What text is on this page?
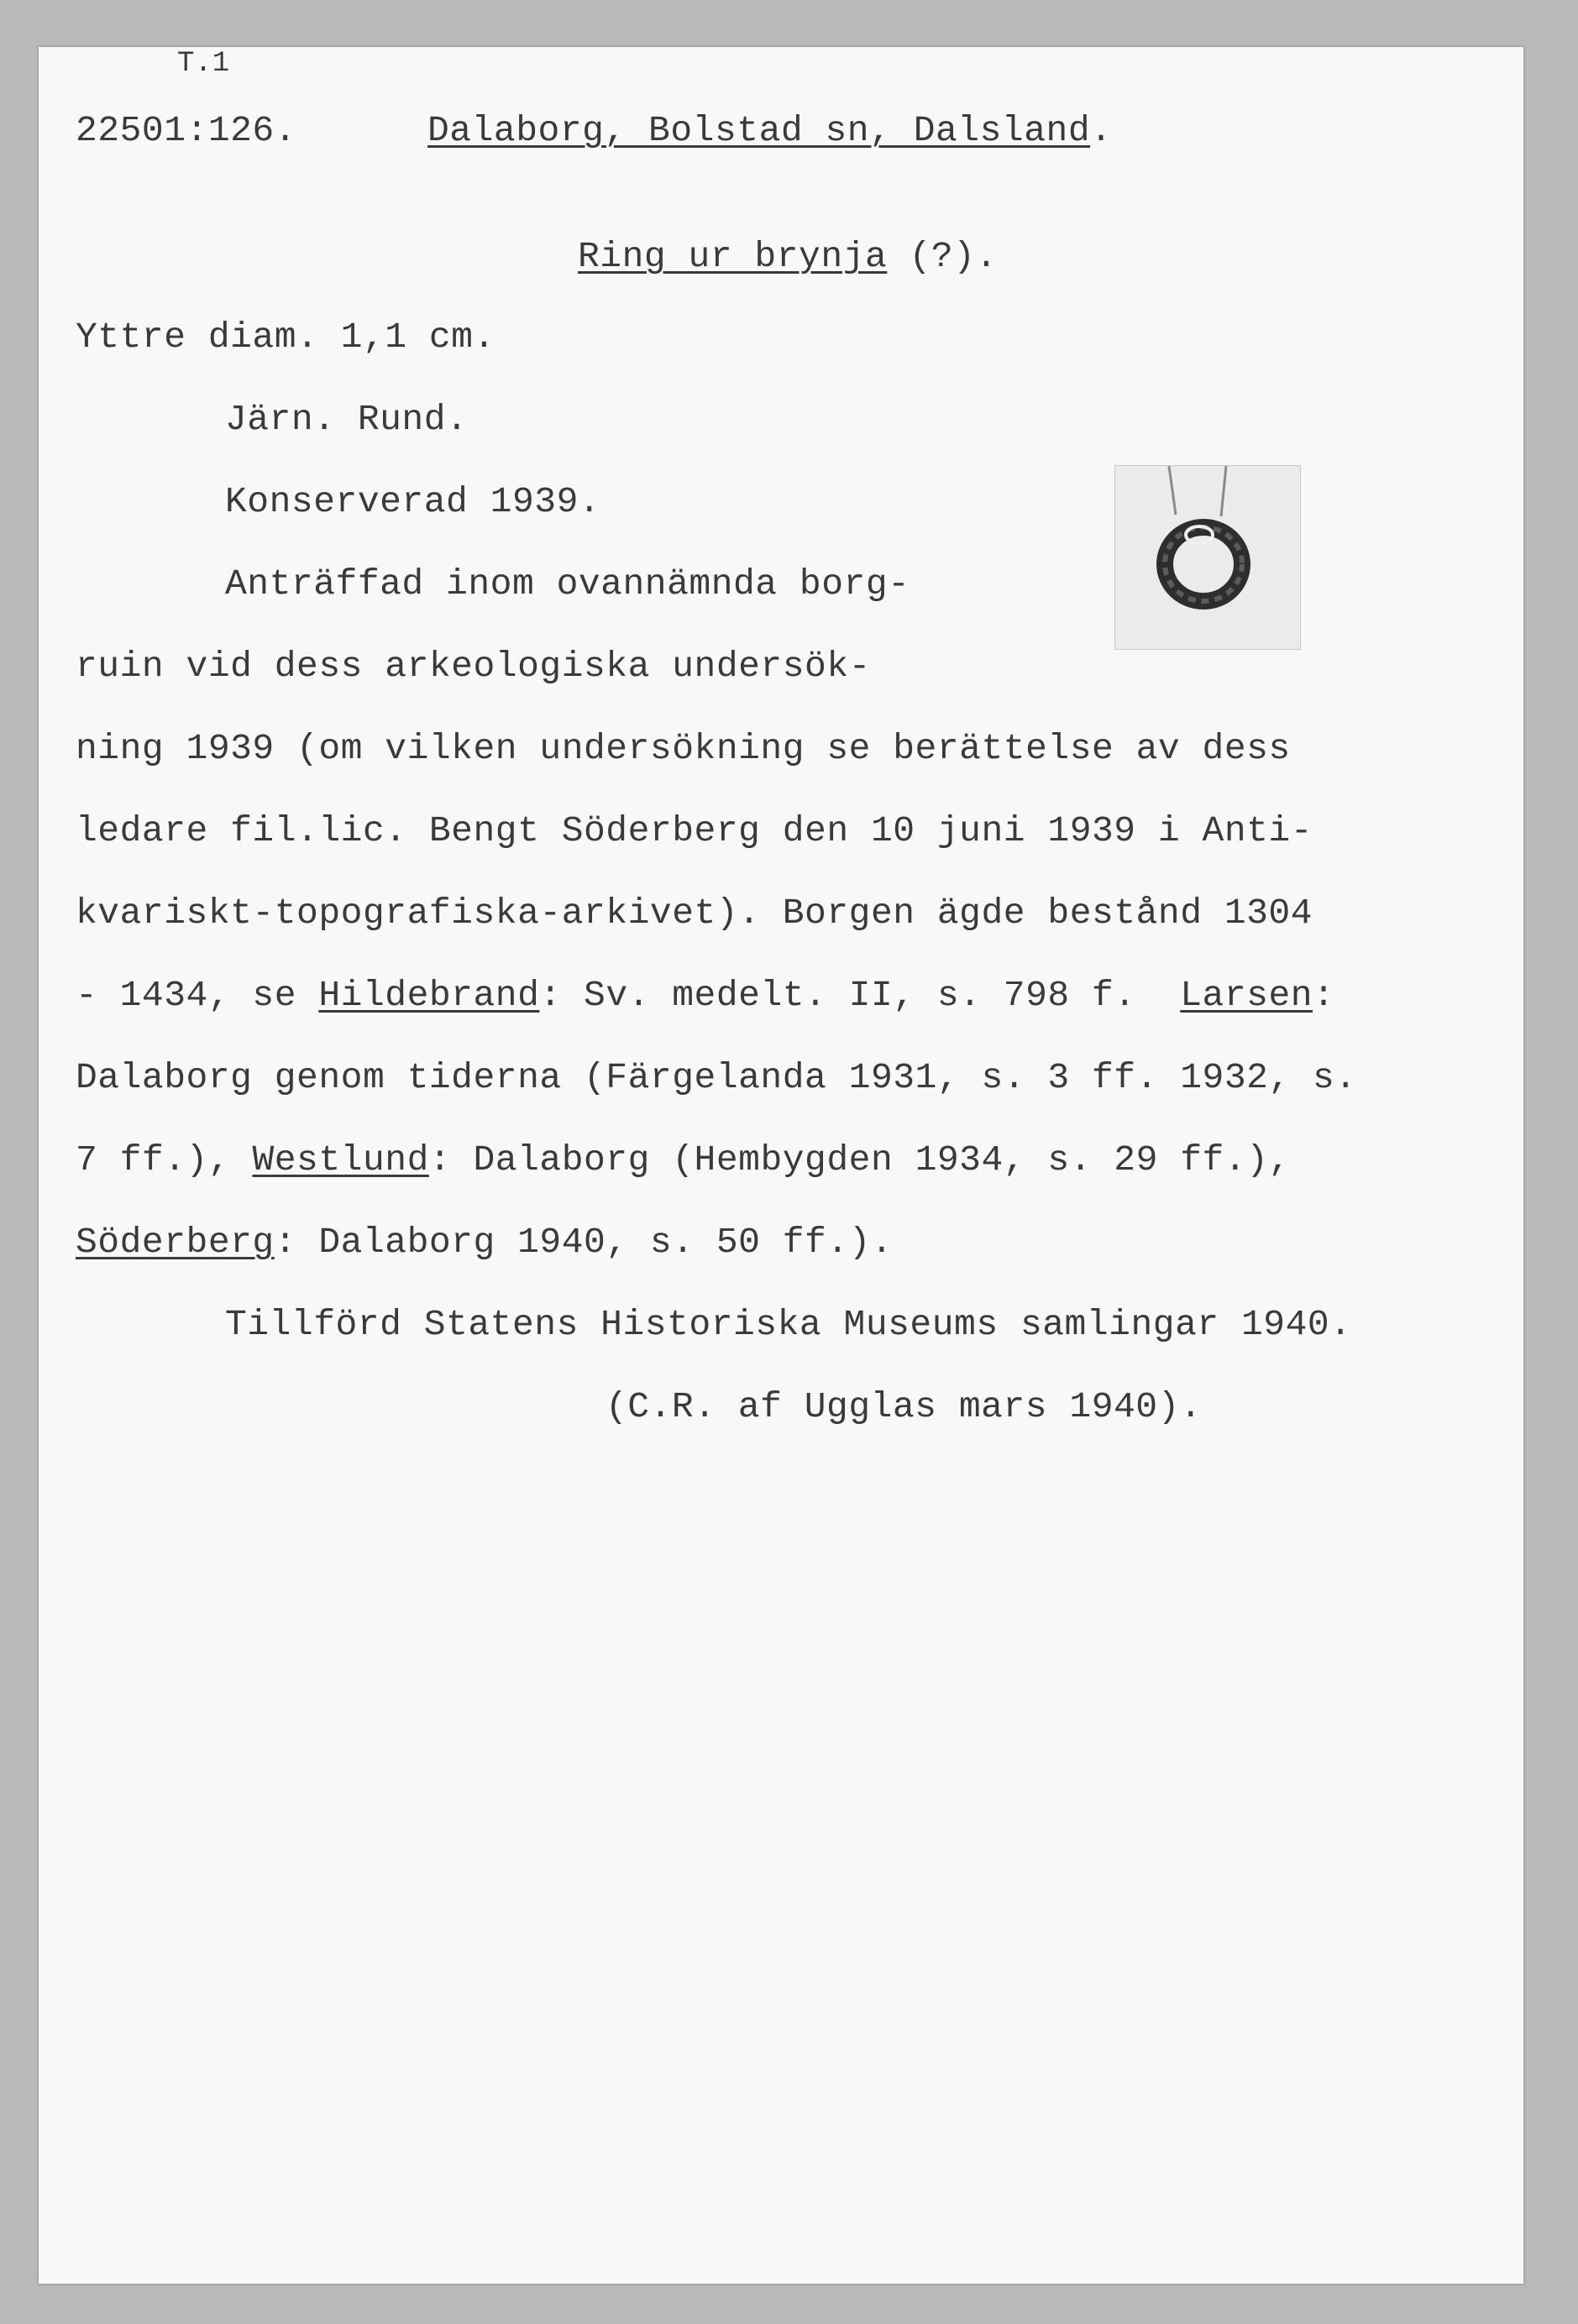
T.1
22501:126.	Dalaborg, Bolstad sn, Dalsland.
Ring ur brynja (?).
Yttre diam. 1,1 cm.
Järn. Rund.
Konserverad 1939.
Anträffad inom ovannämnda borg-
ruin vid dess arkeologiska undersök-
ning 1939 (om vilken undersökning se berättelse av dess
ledare fil.lic. Bengt Söderberg den 10 juni 1939 i Anti-
kvariskt-topografiska-arkivet). Borgen ägde bestånd 1304
- 1434, se Hildebrand: Sv. medelt. II, s. 798 f.  Larsen:
Dalaborg genom tiderna (Färgelanda 1931, s. 3 ff. 1932, s.
7 ff.), Westlund: Dalaborg (Hembygden 1934, s. 29 ff.),
Söderberg: Dalaborg 1940, s. 50 ff.).
Tillförd Statens Historiska Museums samlingar 1940.
(C.R. af Ugglas mars 1940).
